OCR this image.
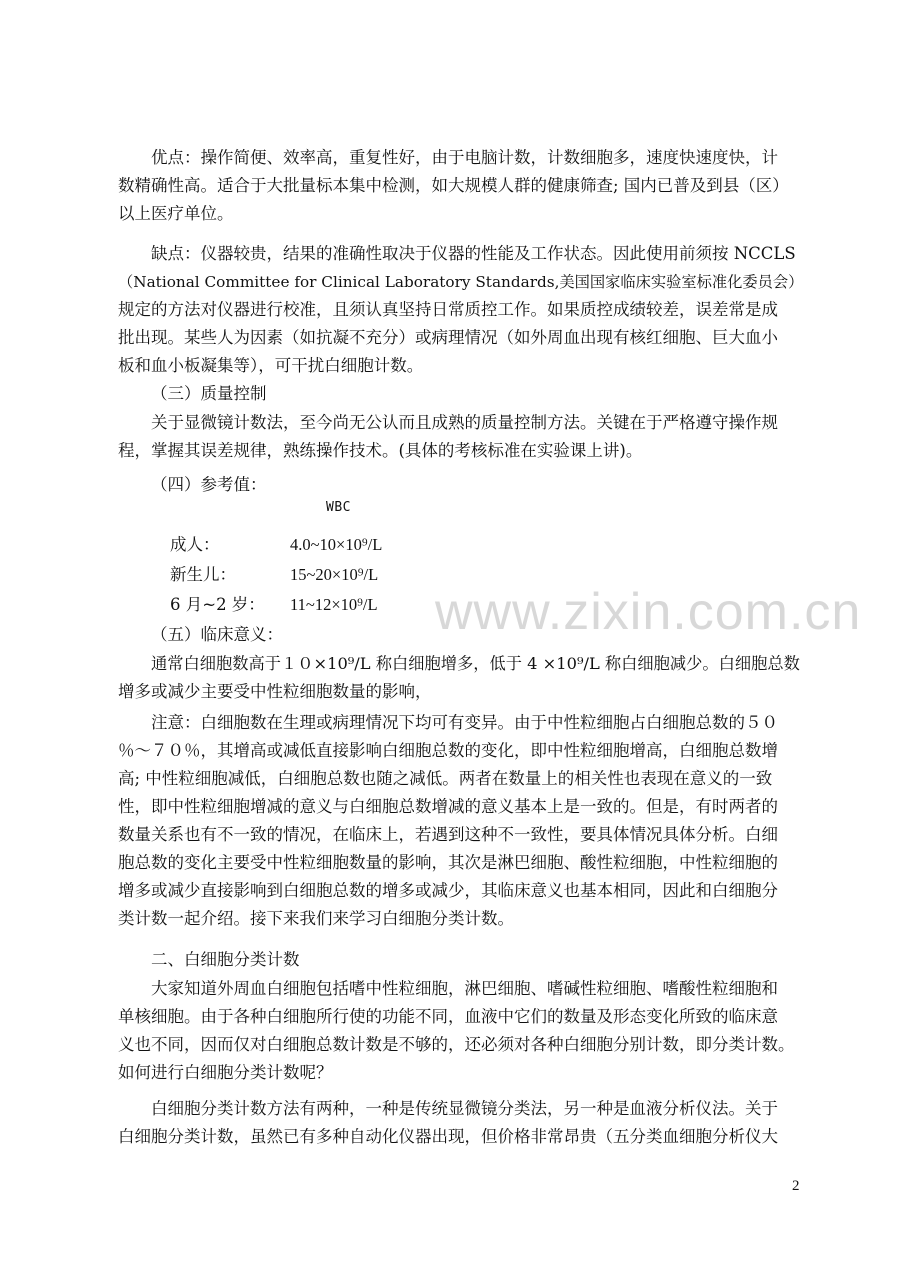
www.zixin.com.cn
优点：操作简便、效率高，重复性好，由于电脑计数，计数细胞多，速度快速度快，计
数精确性高。适合于大批量标本集中检测，如大规模人群的健康筛查; 国内已普及到县（区）
以上医疗单位。
缺点：仪器较贵，结果的准确性取决于仪器的性能及工作状态。因此使用前须按 NCCLS
（National Committee for Clinical Laboratory Standards,美国国家临床实验室标准化委员会）
规定的方法对仪器进行校准，且须认真坚持日常质控工作。如果质控成绩较差，误差常是成
批出现。某些人为因素（如抗凝不充分）或病理情况（如外周血出现有核红细胞、巨大血小
板和血小板凝集等），可干扰白细胞计数。
（三）质量控制
关于显微镜计数法，至今尚无公认而且成熟的质量控制方法。关键在于严格遵守操作规
程，掌握其误差规律，熟练操作技术。(具体的考核标准在实验课上讲)。
（四）参考值：
WBC
成人：	4.0~10×10⁹/L
新生儿：	15~20×10⁹/L
6 月~2 岁： 11~12×10⁹/L
（五）临床意义：
通常白细胞数高于１０×10⁹/L 称白细胞增多，低于 4 ×10⁹/L 称白细胞减少。白细胞总数
增多或减少主要受中性粒细胞数量的影响，
注意：白细胞数在生理或病理情况下均可有变异。由于中性粒细胞占白细胞总数的５０
％～７０％，其增高或减低直接影响白细胞总数的变化，即中性粒细胞增高，白细胞总数增
高; 中性粒细胞减低，白细胞总数也随之减低。两者在数量上的相关性也表现在意义的一致
性，即中性粒细胞增减的意义与白细胞总数增减的意义基本上是一致的。但是，有时两者的
数量关系也有不一致的情况，在临床上，若遇到这种不一致性，要具体情况具体分析。白细
胞总数的变化主要受中性粒细胞数量的影响，其次是淋巴细胞、酸性粒细胞，中性粒细胞的
增多或减少直接影响到白细胞总数的增多或减少，其临床意义也基本相同，因此和白细胞分
类计数一起介绍。接下来我们来学习白细胞分类计数。
二、白细胞分类计数
大家知道外周血白细胞包括嗜中性粒细胞，淋巴细胞、嗜碱性粒细胞、嗜酸性粒细胞和
单核细胞。由于各种白细胞所行使的功能不同，血液中它们的数量及形态变化所致的临床意
义也不同，因而仅对白细胞总数计数是不够的，还必须对各种白细胞分别计数，即分类计数。
如何进行白细胞分类计数呢？
白细胞分类计数方法有两种，一种是传统显微镜分类法，另一种是血液分析仪法。关于
白细胞分类计数，虽然已有多种自动化仪器出现，但价格非常昂贵（五分类血细胞分析仪大
2
